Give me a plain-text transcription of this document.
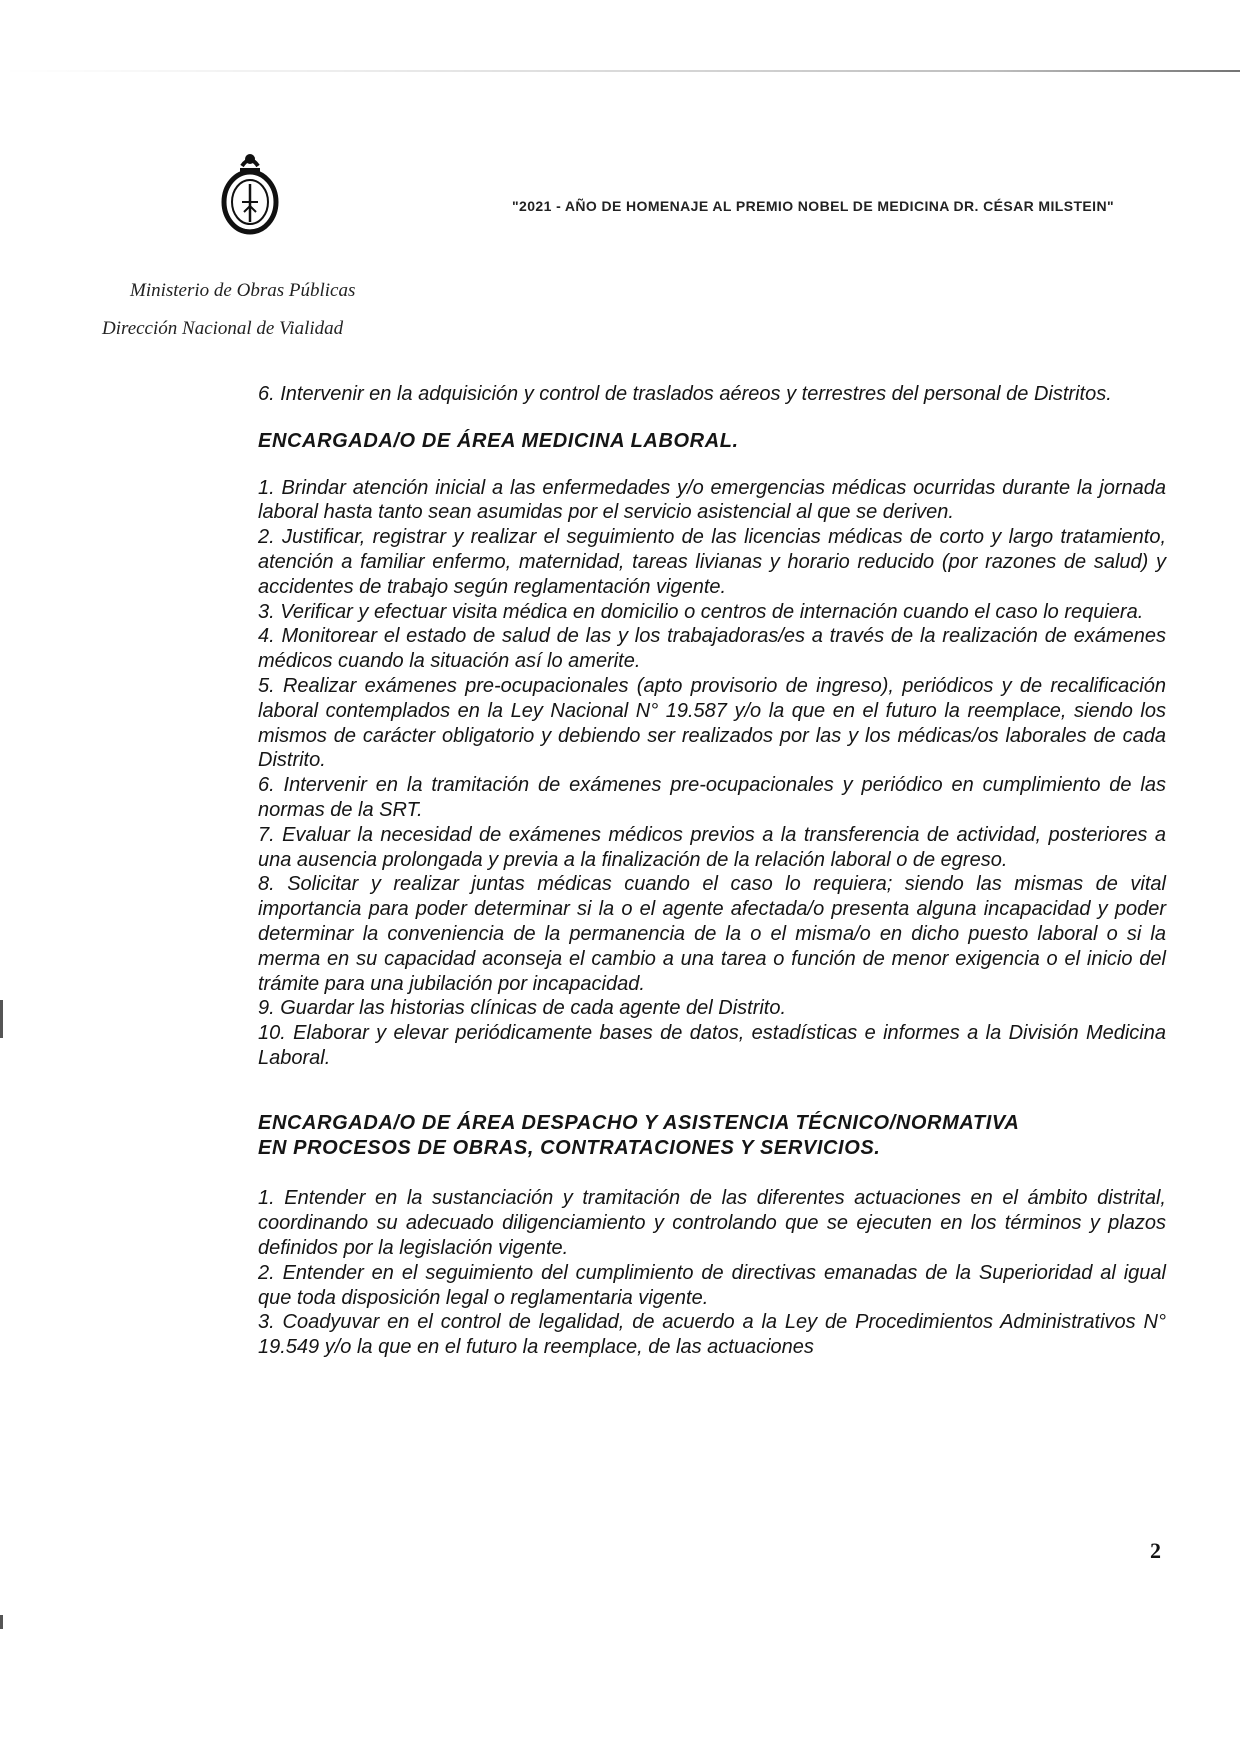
"2021 - AÑO DE HOMENAJE AL PREMIO NOBEL DE MEDICINA DR. CÉSAR MILSTEIN"
Ministerio de Obras Públicas
Dirección Nacional de Vialidad

6. Intervenir en la adquisición y control de traslados aéreos y terrestres del personal de Distritos.

ENCARGADA/O DE ÁREA MEDICINA LABORAL.

1. Brindar atención inicial a las enfermedades y/o emergencias médicas ocurridas durante la jornada laboral hasta tanto sean asumidas por el servicio asistencial al que se deriven.

2. Justificar, registrar y realizar el seguimiento de las licencias médicas de corto y largo tratamiento, atención a familiar enfermo, maternidad, tareas livianas y horario reducido (por razones de salud) y accidentes de trabajo según reglamentación vigente.

3. Verificar y efectuar visita médica en domicilio o centros de internación cuando el caso lo requiera.

4. Monitorear el estado de salud de las y los trabajadoras/es a través de la realización de exámenes médicos cuando la situación así lo amerite.

5. Realizar exámenes pre-ocupacionales (apto provisorio de ingreso), periódicos y de recalificación laboral contemplados en la Ley Nacional N° 19.587 y/o la que en el futuro la reemplace, siendo los mismos de carácter obligatorio y debiendo ser realizados por las y los médicas/os laborales de cada Distrito.

6. Intervenir en la tramitación de exámenes pre-ocupacionales y periódico en cumplimiento de las normas de la SRT.

7. Evaluar la necesidad de exámenes médicos previos a la transferencia de actividad, posteriores a una ausencia prolongada y previa a la finalización de la relación laboral o de egreso.

8. Solicitar y realizar juntas médicas cuando el caso lo requiera; siendo las mismas de vital importancia para poder determinar si la o el agente afectada/o presenta alguna incapacidad y poder determinar la conveniencia de la permanencia de la o el misma/o en dicho puesto laboral o si la merma en su capacidad aconseja el cambio a una tarea o función de menor exigencia o el inicio del trámite para una jubilación por incapacidad.

9. Guardar las historias clínicas de cada agente del Distrito.

10. Elaborar y elevar periódicamente bases de datos, estadísticas e informes a la División Medicina Laboral.

ENCARGADA/O DE ÁREA DESPACHO Y ASISTENCIA TÉCNICO/NORMATIVA
EN PROCESOS DE OBRAS, CONTRATACIONES Y SERVICIOS.

1. Entender en la sustanciación y tramitación de las diferentes actuaciones en el ámbito distrital, coordinando su adecuado diligenciamiento y controlando que se ejecuten en los términos y plazos definidos por la legislación vigente.

2. Entender en el seguimiento del cumplimiento de directivas emanadas de la Superioridad al igual que toda disposición legal o reglamentaria vigente.

3. Coadyuvar en el control de legalidad, de acuerdo a la Ley de Procedimientos Administrativos N° 19.549 y/o la que en el futuro la reemplace, de las actuaciones

2
